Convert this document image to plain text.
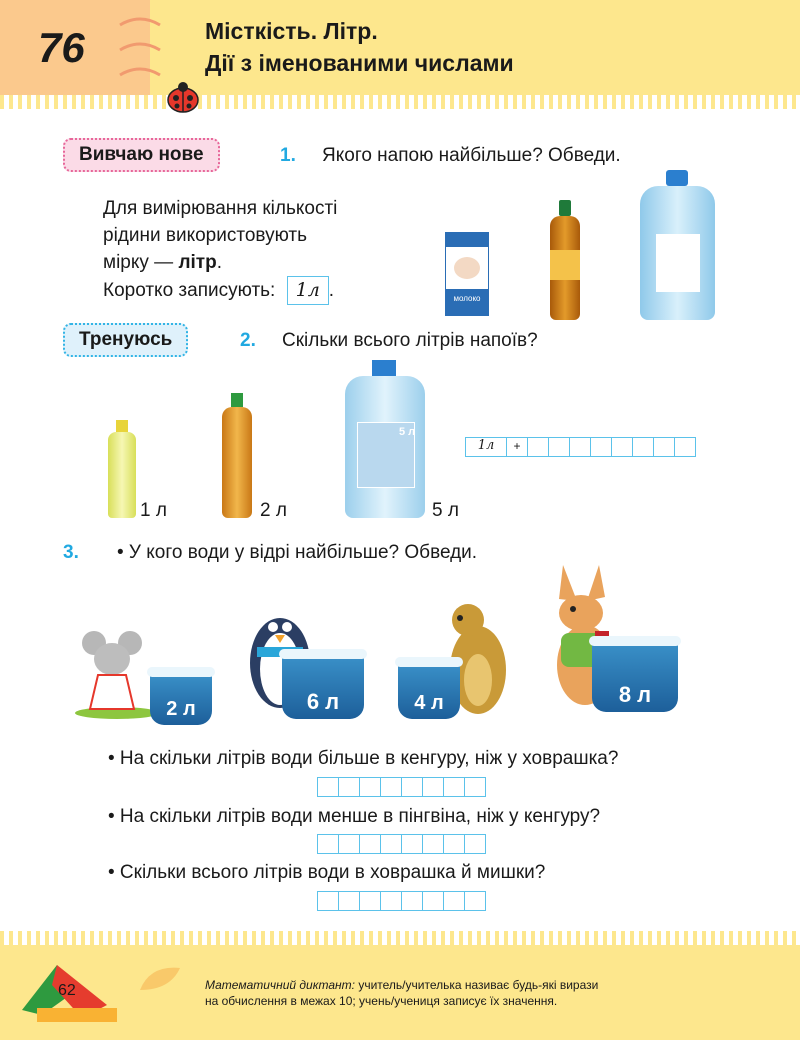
76	Місткість. Літр.
Дії з іменованими числами
Вивчаю нове	1. Якого напою найбільше? Обведи.
Для вимірювання кількості
рідини використовують
мірку — літр.
Коротко записують: 1л .	молоко
Тренуюсь	2. Скільки всього літрів напоїв?
1 л	2 л
5 л
5 л
1л	+
3. • У кого води у відрі найбільше? Обведи.
2 л	6 л	4 л	8 л
• На скільки літрів води більше в кенгуру, ніж у ховрашка?
• На скільки літрів води менше в пінгвіна, ніж у кенгуру?
• Скільки всього літрів води в ховрашка й мишки?
62	Математичний диктант: учитель/учителька називає будь-які вирази
на обчислення в межах 10; учень/учениця записує їх значення.
